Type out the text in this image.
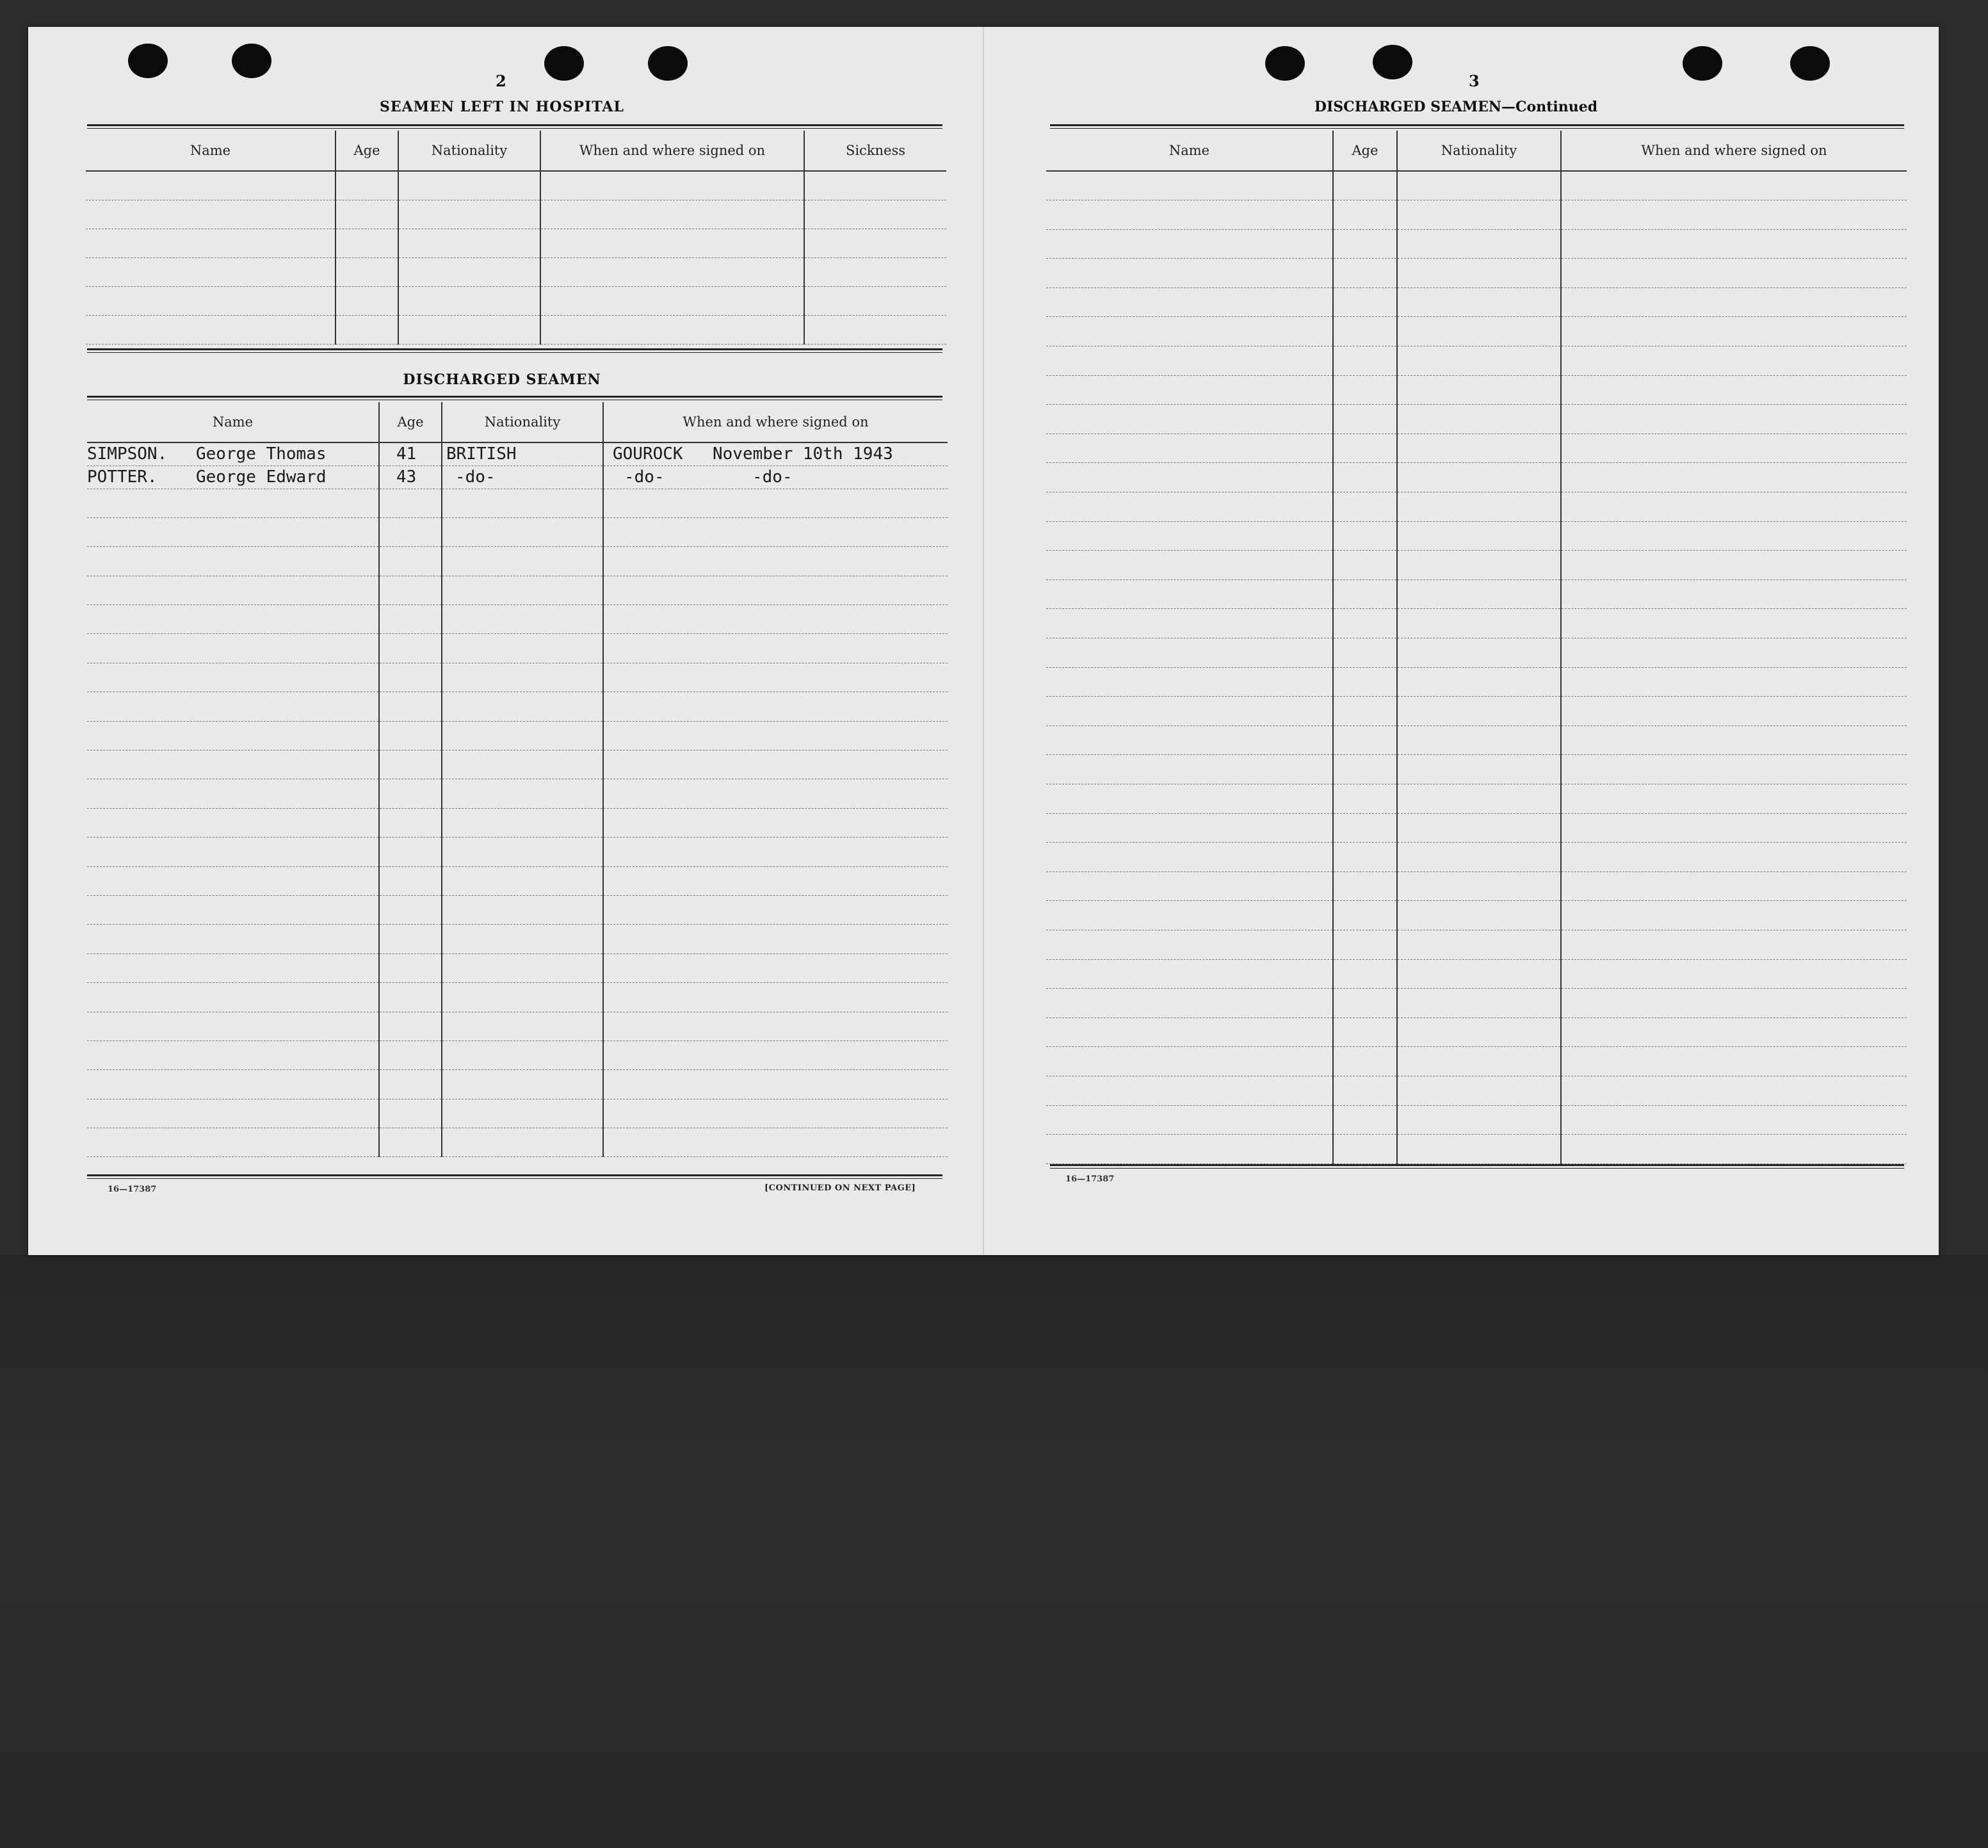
2
SEAMEN LEFT IN HOSPITAL
Name	Age	Nationality	When and where signed on	Sickness

DISCHARGED SEAMEN
Name	Age	Nationality	When and where signed on
SIMPSON. George Thomas	41	BRITISH	GOUROCK November 10th 1943
POTTER. George Edward	43	-do-	-do- -do-

16—17387	[CONTINUED ON NEXT PAGE]
3
DISCHARGED SEAMEN—Continued
Name	Age	Nationality	When and where signed on

16—17387
